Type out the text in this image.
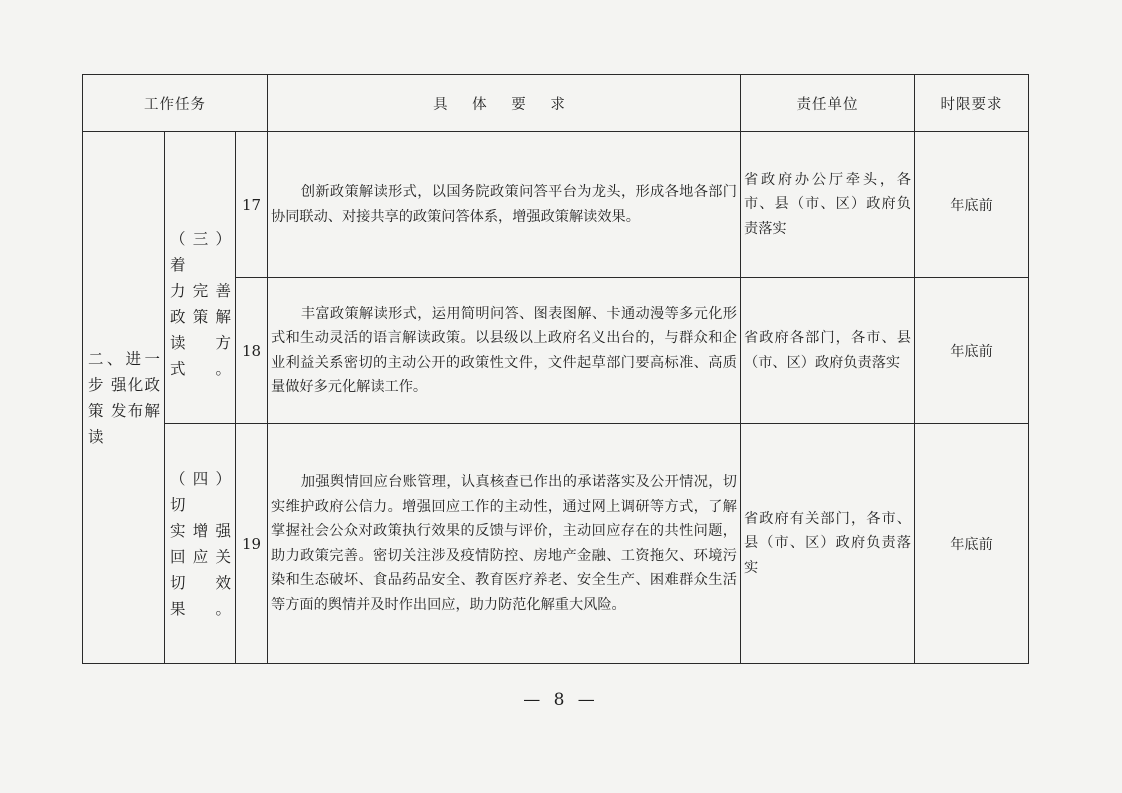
工作任务			具 体 要 求	责任单位	时限要求
二、进一步 强化政策 发布解读	（三）着
力完善
政策解
读方式。	17	创新政策解读形式，以国务院政策问答平台为龙头，形成各地各部门协同联动、对接共享的政策问答体系，增强政策解读效果。	省政府办公厅牵头，各市、县（市、区）政府负责落实	年底前
		18	丰富政策解读形式，运用简明问答、图表图解、卡通动漫等多元化形式和生动灵活的语言解读政策。以县级以上政府名义出台的，与群众和企业利益关系密切的主动公开的政策性文件，文件起草部门要高标准、高质量做好多元化解读工作。	省政府各部门，各市、县（市、区）政府负责落实	年底前

	（四）切
实增强
回应关
切效果。	19	加强舆情回应台账管理，认真核查已作出的承诺落实及公开情况，切实维护政府公信力。增强回应工作的主动性，通过网上调研等方式，了解掌握社会公众对政策执行效果的反馈与评价，主动回应存在的共性问题，助力政策完善。密切关注涉及疫情防控、房地产金融、工资拖欠、环境污染和生态破坏、食品药品安全、教育医疗养老、安全生产、困难群众生活等方面的舆情并及时作出回应，助力防范化解重大风险。	省政府有关部门，各市、县（市、区）政府负责落实	年底前
— 8 —
